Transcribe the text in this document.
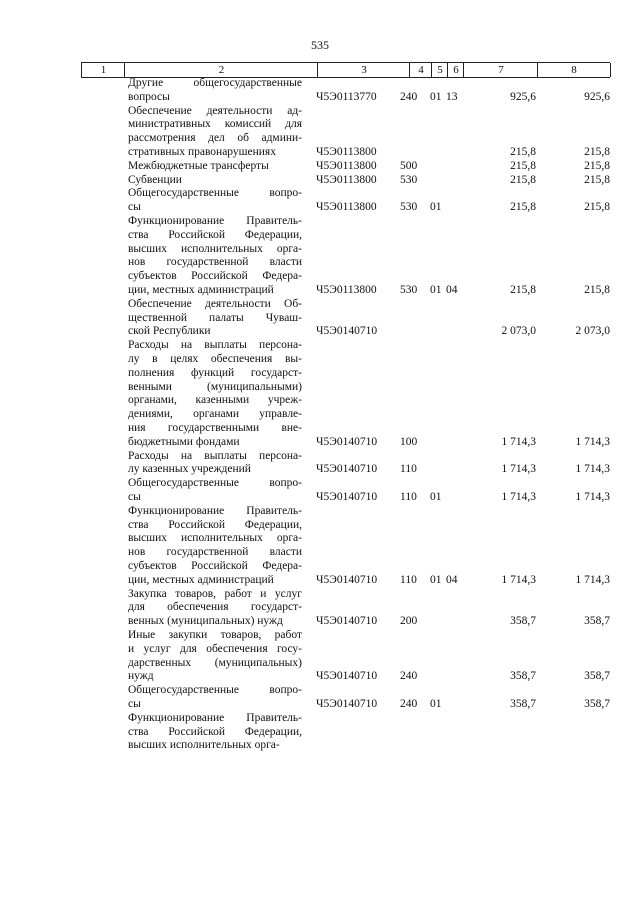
535
1	2	3	4	5 6	7	8
Другие общегосударственные
вопросы	Ч5Э0113770 240 01 13	925,6	925,6
Обеспечение деятельности ад-
министративных комиссий для
рассмотрения дел об админи-
стративных правонарушениях	Ч5Э0113800	215,8	215,8
Межбюджетные трансферты	Ч5Э0113800 500	215,8	215,8
Субвенции	Ч5Э0113800 530	215,8	215,8
Общегосударственные вопро-
сы	Ч5Э0113800 530 01	215,8	215,8
Функционирование Правитель-
ства Российской Федерации,
высших исполнительных орга-
нов государственной власти
субъектов Российской Федера-
ции, местных администраций	Ч5Э0113800 530 01 04	215,8	215,8
Обеспечение деятельности Об-
щественной палаты Чуваш-
ской Республики	Ч5Э0140710	2 073,0	2 073,0
Расходы на выплаты персона-
лу в целях обеспечения вы-
полнения функций государст-
венными (муниципальными)
органами, казенными учреж-
дениями, органами управле-
ния государственными вне-
бюджетными фондами	Ч5Э0140710 100	1 714,3	1 714,3
Расходы на выплаты персона-
лу казенных учреждений	Ч5Э0140710 110	1 714,3	1 714,3
Общегосударственные вопро-
сы	Ч5Э0140710 110 01	1 714,3	1 714,3
Функционирование Правитель-
ства Российской Федерации,
высших исполнительных орга-
нов государственной власти
субъектов Российской Федера-
ции, местных администраций	Ч5Э0140710 110 01 04	1 714,3	1 714,3
Закупка товаров, работ и услуг
для обеспечения государст-
венных (муниципальных) нужд	Ч5Э0140710 200	358,7	358,7
Иные закупки товаров, работ
и услуг для обеспечения госу-
дарственных (муниципальных)
нужд	Ч5Э0140710 240	358,7	358,7
Общегосударственные вопро-
сы	Ч5Э0140710 240 01	358,7	358,7
Функционирование Правитель-
ства Российской Федерации,
высших исполнительных орга-
